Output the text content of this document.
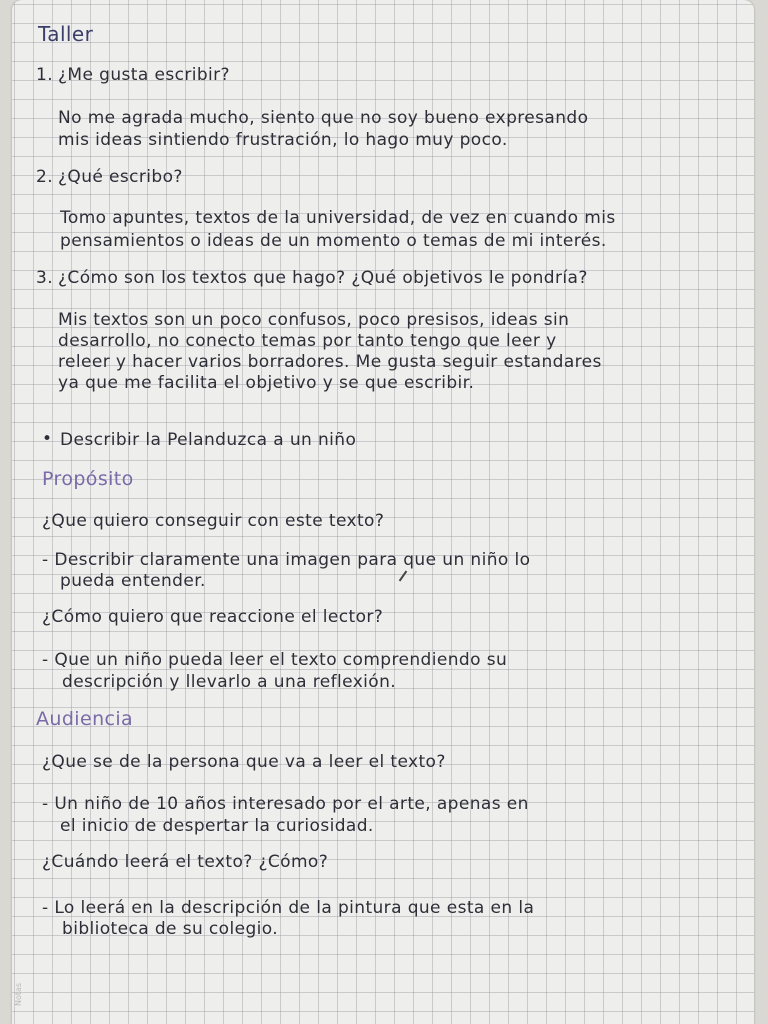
Taller
1. ¿Me gusta escribir?
No me agrada mucho, siento que no soy bueno expresando
mis ideas sintiendo frustración, lo hago muy poco.
2. ¿Qué escribo?
Tomo apuntes, textos de la universidad, de vez en cuando mis
pensamientos o ideas de un momento o temas de mi interés.
3. ¿Cómo son los textos que hago? ¿Qué objetivos le pondría?
Mis textos son un poco confusos, poco presisos, ideas sin
desarrollo, no conecto temas por tanto tengo que leer y
releer y hacer varios borradores. Me gusta seguir estandares
ya que me facilita el objetivo y se que escribir.
• Describir la Pelanduzca a un niño
Propósito
¿Que quiero conseguir con este texto?
- Describir claramente una imagen para que un niño lo
pueda entender.
¿Cómo quiero que reaccione el lector?
- Que un niño pueda leer el texto comprendiendo su
descripción y llevarlo a una reflexión.
Audiencia
¿Que se de la persona que va a leer el texto?
- Un niño de 10 años interesado por el arte, apenas en
el inicio de despertar la curiosidad.
¿Cuándo leerá el texto? ¿Cómo?
- Lo leerá en la descripción de la pintura que esta en la
biblioteca de su colegio.
Notas
